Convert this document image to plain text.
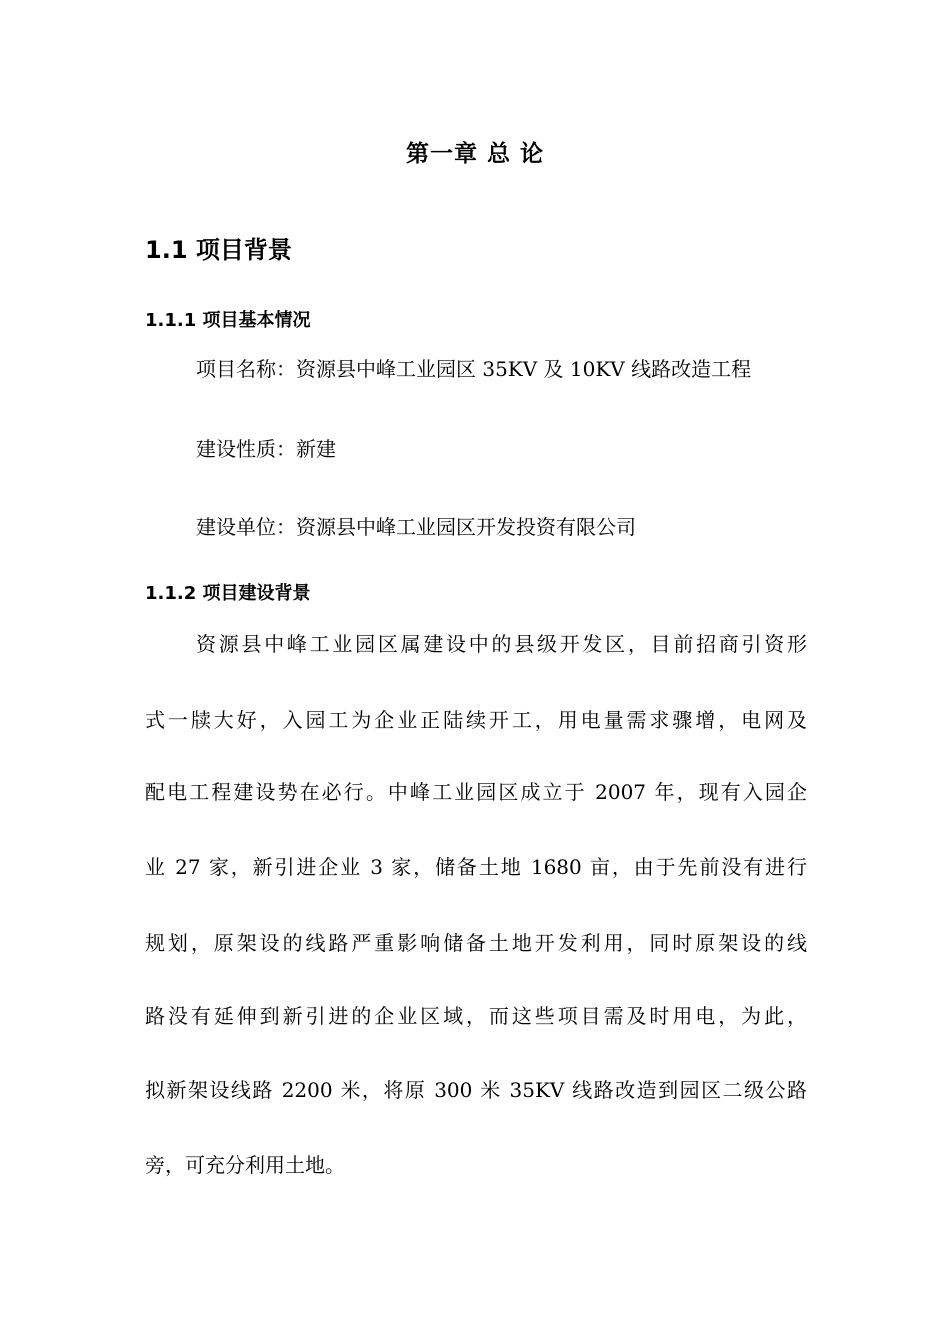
第一章 总 论
1.1 项目背景
1.1.1 项目基本情况
项目名称：资源县中峰工业园区 35KV 及 10KV 线路改造工程
建设性质：新建
建设单位：资源县中峰工业园区开发投资有限公司
1.1.2 项目建设背景
资源县中峰工业园区属建设中的县级开发区，目前招商引资形
式一牍大好，入园工为企业正陆续开工，用电量需求骤增，电网及
配电工程建设势在必行。中峰工业园区成立于 2007 年，现有入园企
业 27 家，新引进企业 3 家，储备土地 1680 亩，由于先前没有进行
规划，原架设的线路严重影响储备土地开发利用，同时原架设的线
路没有延伸到新引进的企业区域，而这些项目需及时用电，为此，
拟新架设线路 2200 米，将原 300 米 35KV 线路改造到园区二级公路
旁，可充分利用土地。
